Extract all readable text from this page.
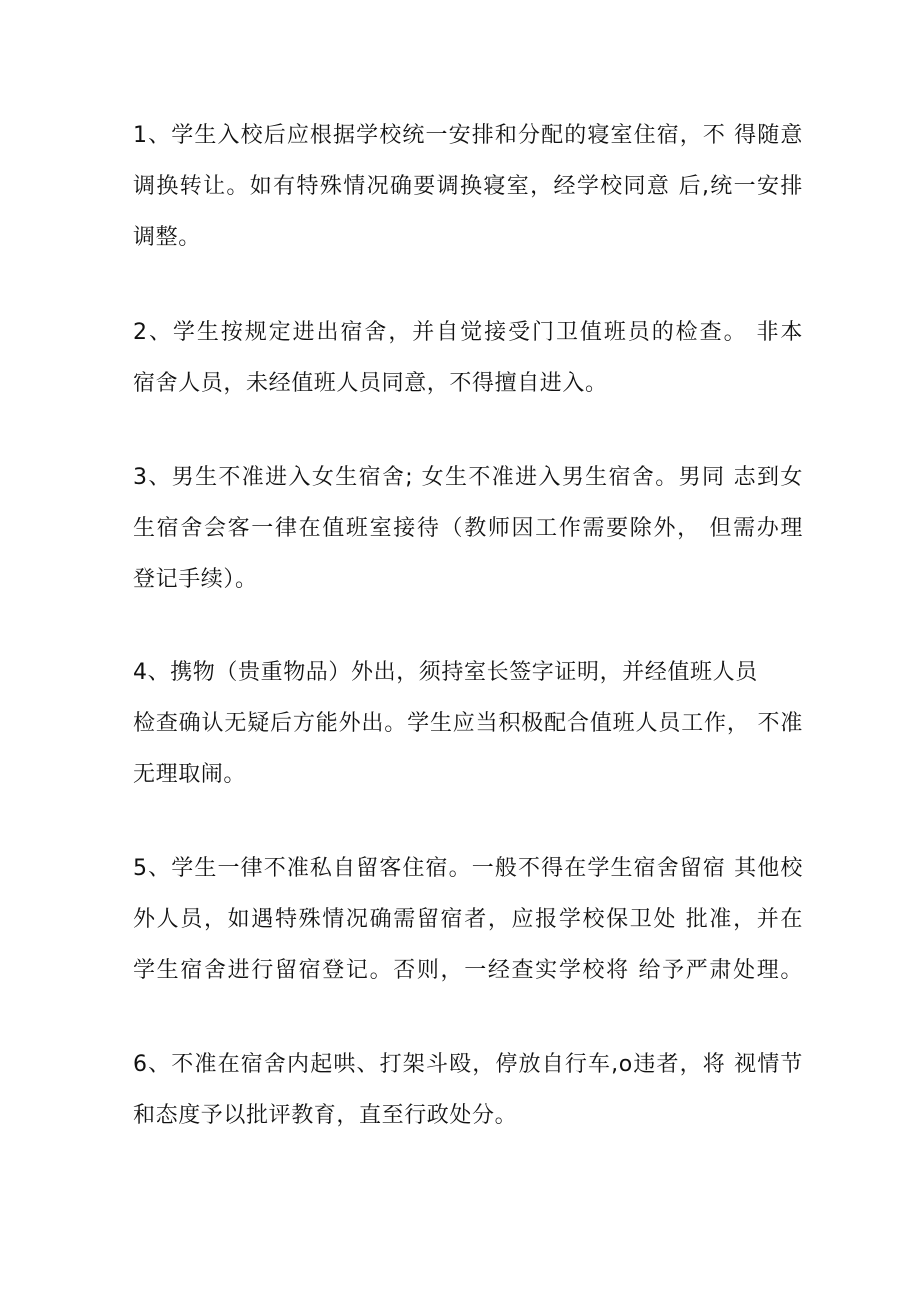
1、学生入校后应根据学校统一安排和分配的寝室住宿，不 得随意
调换转让。如有特殊情况确要调换寝室，经学校同意 后,统一安排
调整。
2、学生按规定进出宿舍，并自觉接受门卫值班员的检查。 非本
宿舍人员，未经值班人员同意，不得擅自进入。
3、男生不准进入女生宿舍; 女生不准进入男生宿舍。男同 志到女
生宿舍会客一律在值班室接待（教师因工作需要除外， 但需办理
登记手续）。
4、携物（贵重物品）外出，须持室长签字证明，并经值班人员
检查确认无疑后方能外出。学生应当积极配合值班人员工作， 不准
无理取闹。
5、学生一律不准私自留客住宿。一般不得在学生宿舍留宿 其他校
外人员，如遇特殊情况确需留宿者，应报学校保卫处 批准，并在
学生宿舍进行留宿登记。否则，一经查实学校将 给予严肃处理。
6、不准在宿舍内起哄、打架斗殴，停放自行车,o违者，将 视情节
和态度予以批评教育，直至行政处分。
